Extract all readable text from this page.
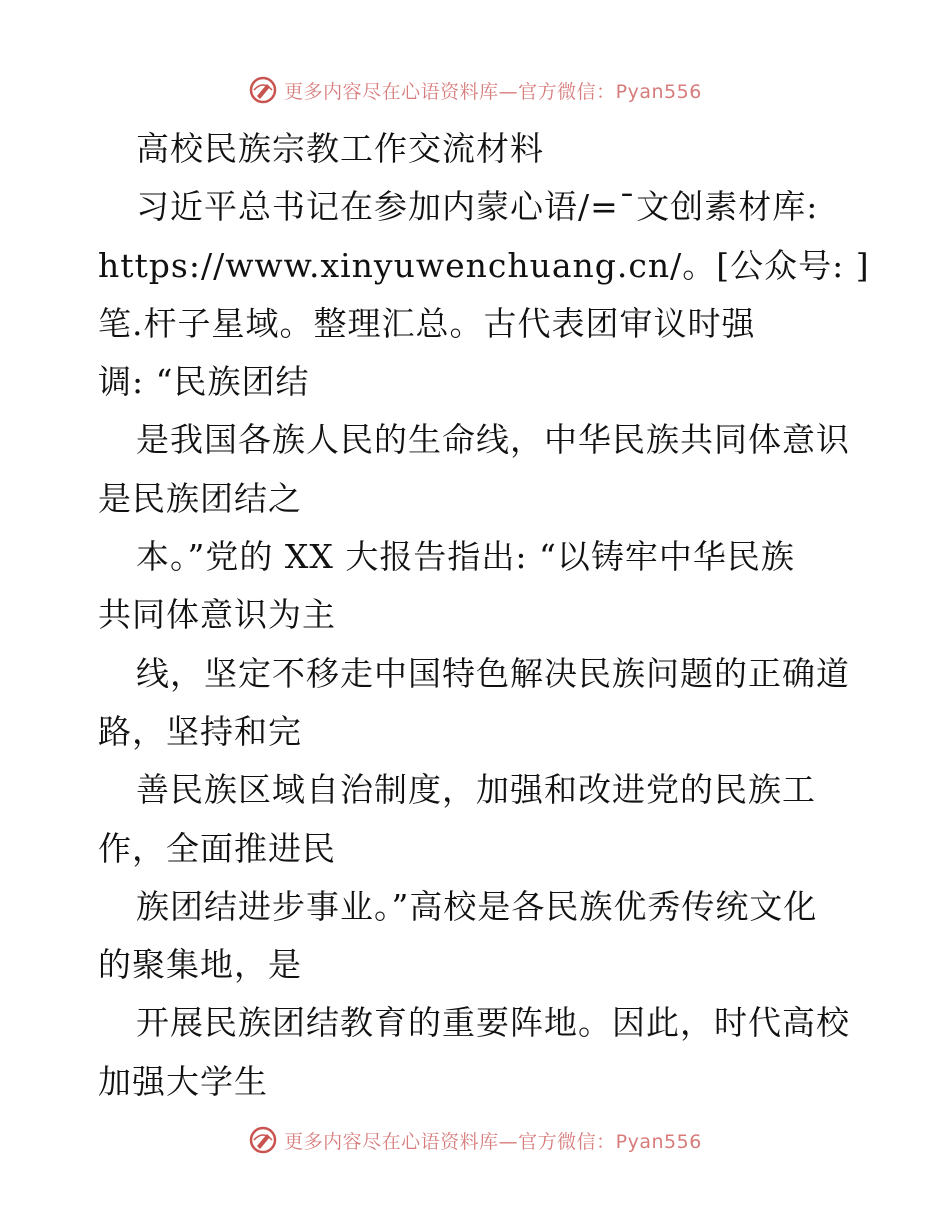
更多内容尽在心语资料库—官方微信：Pyan556
高校民族宗教工作交流材料
习近平总书记在参加内蒙心语/=¯文创素材库:
https://www.xinyuwenchuang.cn/。[公众号: ]
笔.杆子星域。整理汇总。古代表团审议时强
调: “民族团结
是我国各族人民的生命线，中华民族共同体意识
是民族团结之
本。”党的 XX 大报告指出: “以铸牢中华民族
共同体意识为主
线，坚定不移走中国特色解决民族问题的正确道
路，坚持和完
善民族区域自治制度，加强和改进党的民族工
作，全面推进民
族团结进步事业。”高校是各民族优秀传统文化
的聚集地，是
开展民族团结教育的重要阵地。因此，时代高校
加强大学生
更多内容尽在心语资料库—官方微信：Pyan556
